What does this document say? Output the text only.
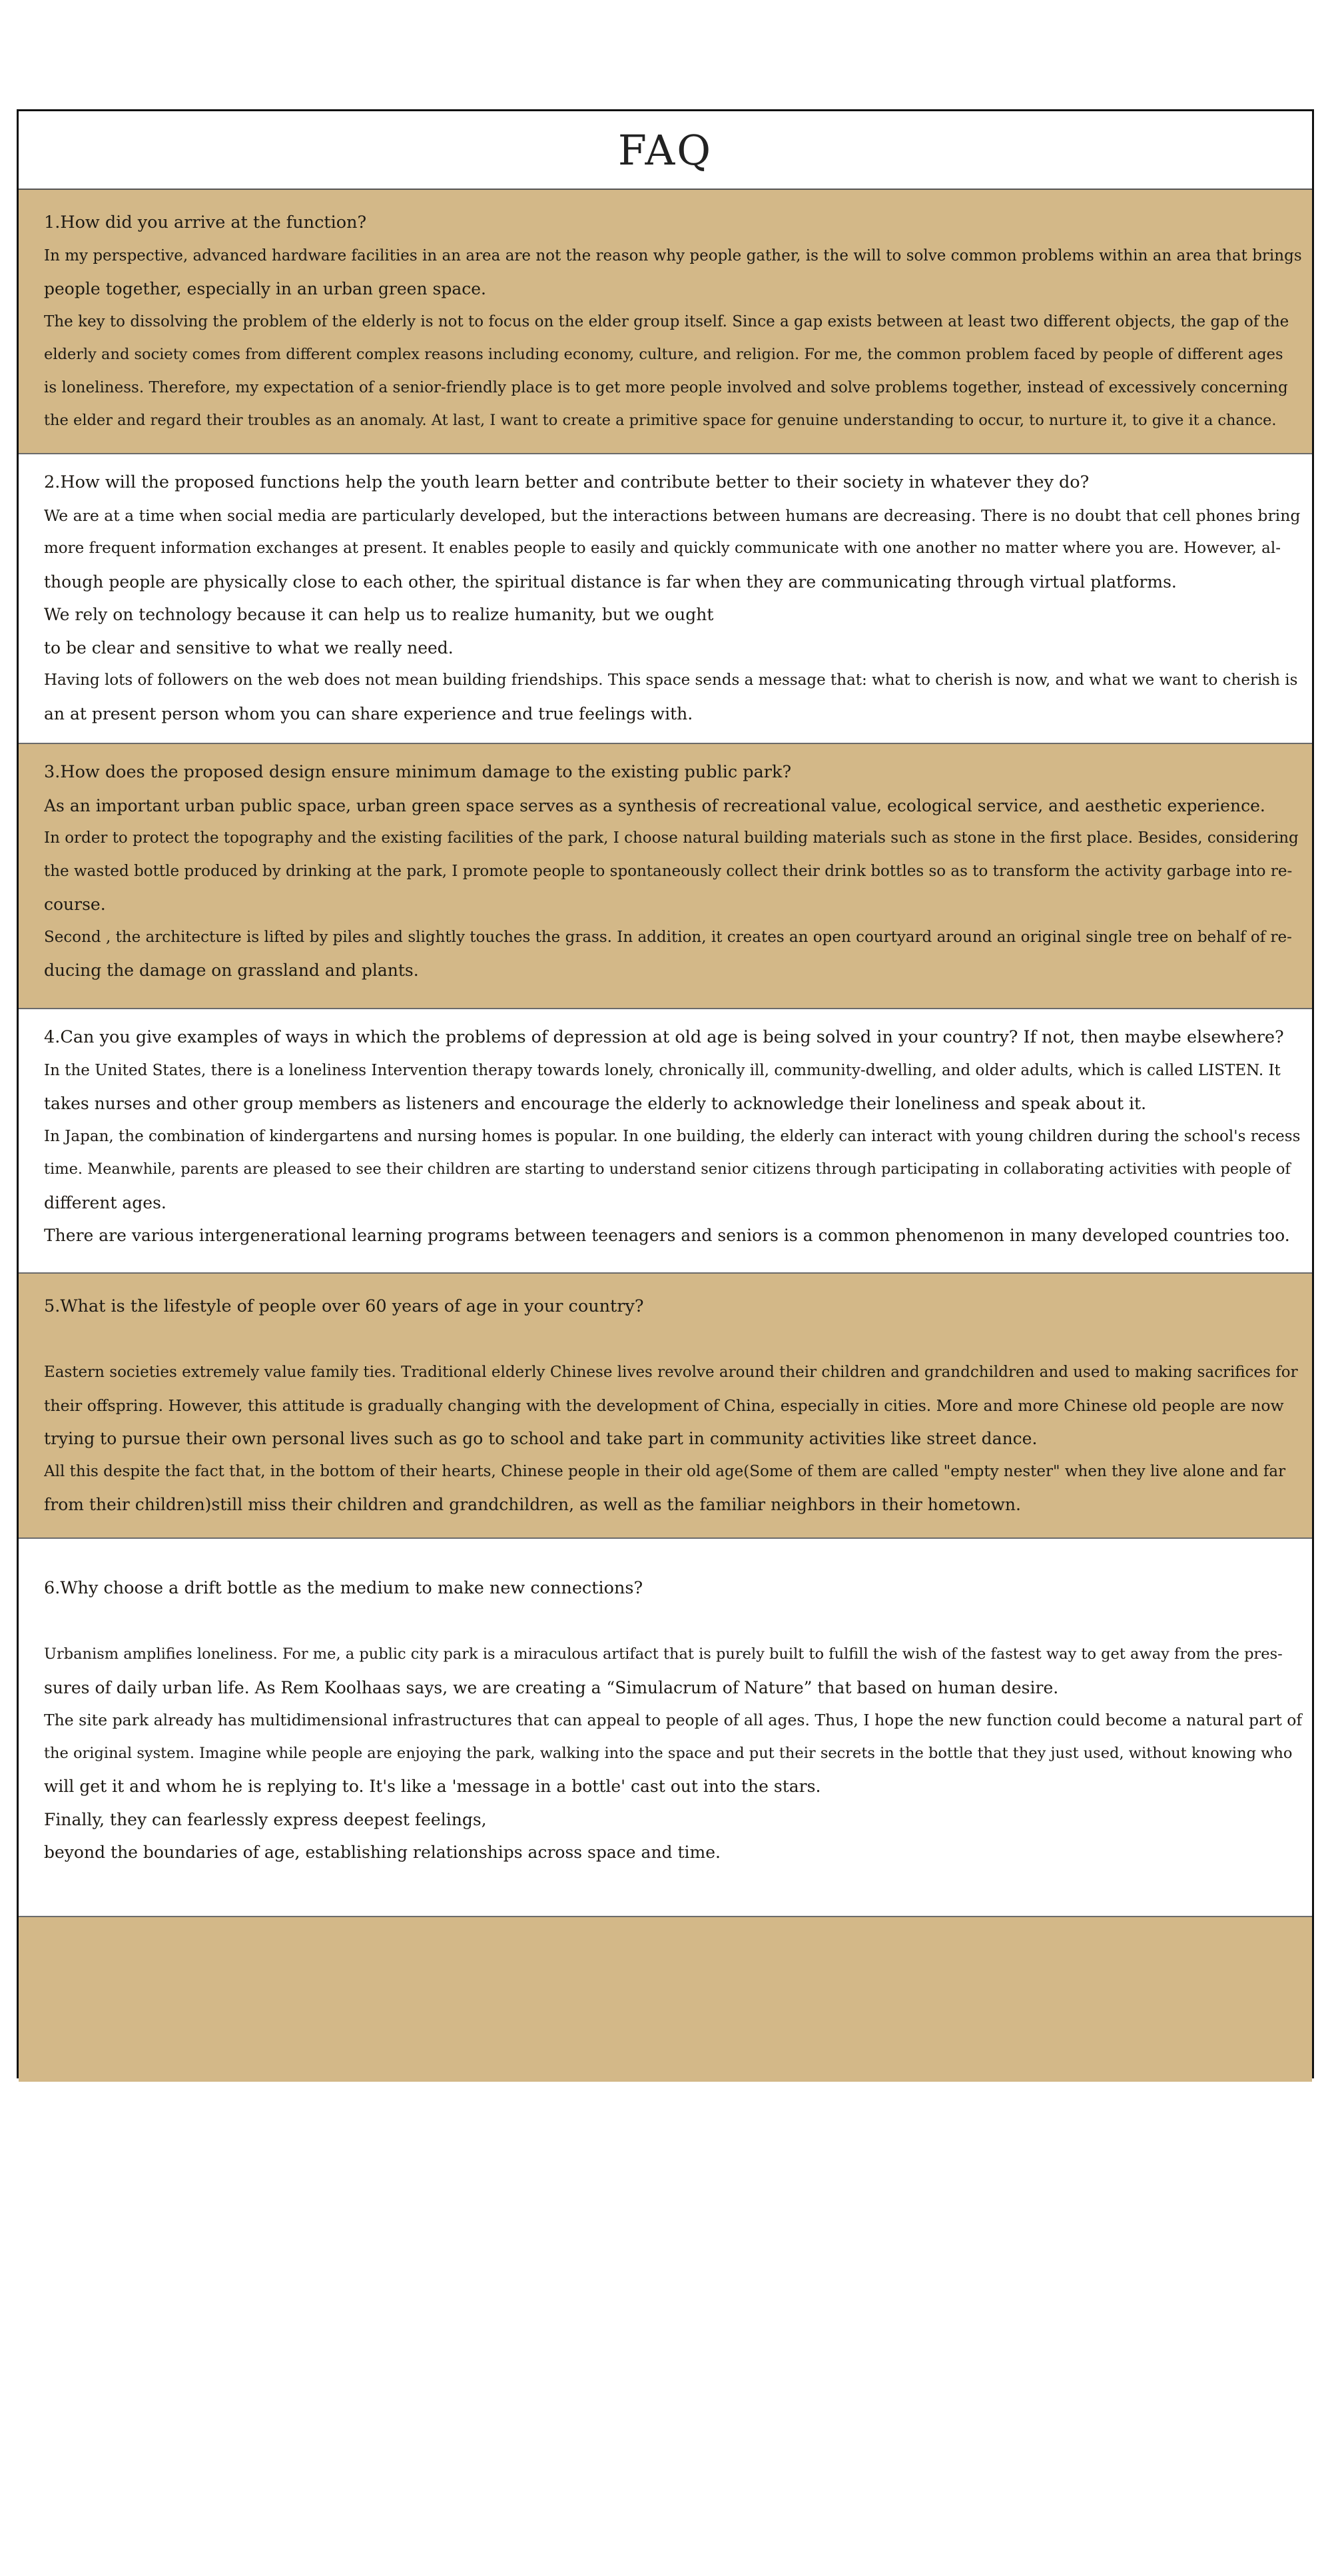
FAQ

1.How did you arrive at the function?

In my perspective, advanced hardware facilities in an area are not the reason why people gather, is the will to solve common problems within an area that brings

people together, especially in an urban green space.

The key to dissolving the problem of the elderly is not to focus on the elder group itself. Since a gap exists between at least two different objects, the gap of the

elderly and society comes from different complex reasons including economy, culture, and religion. For me, the common problem faced by people of different ages

is loneliness. Therefore, my expectation of a senior-friendly place is to get more people involved and solve problems together, instead of excessively concerning

the elder and regard their troubles as an anomaly. At last, I want to create a primitive space for genuine understanding to occur, to nurture it, to give it a chance.

2.How will the proposed functions help the youth learn better and contribute better to their society in whatever they do?

We are at a time when social media are particularly developed, but the interactions between humans are decreasing. There is no doubt that cell phones bring

more frequent information exchanges at present. It enables people to easily and quickly communicate with one another no matter where you are. However, al-

though people are physically close to each other, the spiritual distance is far when they are communicating through virtual platforms.

We rely on technology because it can help us to realize humanity, but we ought

to be clear and sensitive to what we really need.

Having lots of followers on the web does not mean building friendships. This space sends a message that: what to cherish is now, and what we want to cherish is

an at present person whom you can share experience and true feelings with.

3.How does the proposed design ensure minimum damage to the existing public park?

As an important urban public space, urban green space serves as a synthesis of recreational value, ecological service, and aesthetic experience.

In order to protect the topography and the existing facilities of the park, I choose natural building materials such as stone in the first place. Besides, considering

the wasted bottle produced by drinking at the park, I promote people to spontaneously collect their drink bottles so as to transform the activity garbage into re-

course.

Second , the architecture is lifted by piles and slightly touches the grass. In addition, it creates an open courtyard around an original single tree on behalf of re-

ducing the damage on grassland and plants.

4.Can you give examples of ways in which the problems of depression at old age is being solved in your country? If not, then maybe elsewhere?

In the United States, there is a loneliness Intervention therapy towards lonely, chronically ill, community-dwelling, and older adults, which is called LISTEN. It

takes nurses and other group members as listeners and encourage the elderly to acknowledge their loneliness and speak about it.

In Japan, the combination of kindergartens and nursing homes is popular. In one building, the elderly can interact with young children during the school's recess

time. Meanwhile, parents are pleased to see their children are starting to understand senior citizens through participating in collaborating activities with people of

different ages.

There are various intergenerational learning programs between teenagers and seniors is a common phenomenon in many developed countries too.

5.What is the lifestyle of people over 60 years of age in your country?

Eastern societies extremely value family ties. Traditional elderly Chinese lives revolve around their children and grandchildren and used to making sacrifices for

their offspring. However, this attitude is gradually changing with the development of China, especially in cities. More and more Chinese old people are now

trying to pursue their own personal lives such as go to school and take part in community activities like street dance.

All this despite the fact that, in the bottom of their hearts, Chinese people in their old age(Some of them are called "empty nester" when they live alone and far

from their children)still miss their children and grandchildren, as well as the familiar neighbors in their hometown.

6.Why choose a drift bottle as the medium to make new connections?

Urbanism amplifies loneliness. For me, a public city park is a miraculous artifact that is purely built to fulfill the wish of the fastest way to get away from the pres-

sures of daily urban life. As Rem Koolhaas says, we are creating a “Simulacrum of Nature” that based on human desire.

The site park already has multidimensional infrastructures that can appeal to people of all ages. Thus, I hope the new function could become a natural part of

the original system. Imagine while people are enjoying the park, walking into the space and put their secrets in the bottle that they just used, without knowing who

will get it and whom he is replying to. It's like a 'message in a bottle' cast out into the stars.

Finally, they can fearlessly express deepest feelings,

beyond the boundaries of age, establishing relationships across space and time.
